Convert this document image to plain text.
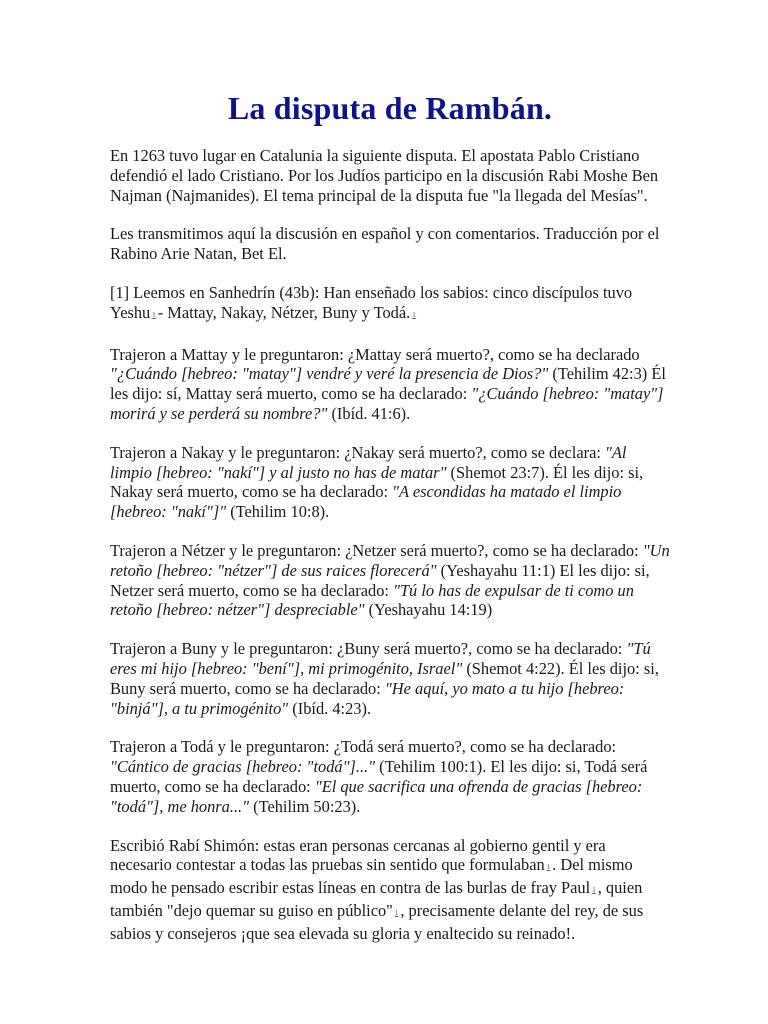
La disputa de Rambán.

En 1263 tuvo lugar en Catalunia la siguiente disputa. El apostata Pablo Cristiano defendió el lado Cristiano. Por los Judíos participo en la discusión Rabi Moshe Ben Najman (Najmanides). El tema principal de la disputa fue "la llegada del Mesías".

Les transmitimos aquí la discusión en español y con comentarios. Traducción por el Rabino Arie Natan, Bet El.

[1] Leemos en Sanhedrín (43b): Han enseñado los sabios: cinco discípulos tuvo Yeshu 1 - Mattay, Nakay, Nétzer, Buny y Todá. 1

Trajeron a Mattay y le preguntaron: ¿Mattay será muerto?, como se ha declarado "¿Cuándo [hebreo: "matay"] vendré y veré la presencia de Dios?" (Tehilim 42:3) Él les dijo: sí, Mattay será muerto, como se ha declarado: "¿Cuándo [hebreo: "matay"] morirá y se perderá su nombre?" (Ibíd. 41:6).

Trajeron a Nakay y le preguntaron: ¿Nakay será muerto?, como se declara: "Al limpio [hebreo: "nakí"] y al justo no has de matar" (Shemot 23:7). Él les dijo: si, Nakay será muerto, como se ha declarado: "A escondidas ha matado el limpio [hebreo: "nakí"]" (Tehilim 10:8).

Trajeron a Nétzer y le preguntaron: ¿Netzer será muerto?, como se ha declarado: "Un retoño [hebreo: "nétzer"] de sus raices florecerá" (Yeshayahu 11:1) El les dijo: si, Netzer será muerto, como se ha declarado: "Tú lo has de expulsar de ti como un retoño [hebreo: nétzer"] despreciable" (Yeshayahu 14:19)

Trajeron a Buny y le preguntaron: ¿Buny será muerto?, como se ha declarado: "Tú eres mi hijo [hebreo: "bení"], mi primogénito, Israel" (Shemot 4:22). Él les dijo: si, Buny será muerto, como se ha declarado: "He aquí, yo mato a tu hijo [hebreo: "binjá"], a tu primogénito" (Ibíd. 4:23).

Trajeron a Todá y le preguntaron: ¿Todá será muerto?, como se ha declarado: "Cántico de gracias [hebreo: "todá"]..." (Tehilim 100:1). El les dijo: si, Todá será muerto, como se ha declarado: "El que sacrifica una ofrenda de gracias [hebreo: "todá"], me honra..." (Tehilim 50:23).

Escribió Rabí Shimón: estas eran personas cercanas al gobierno gentil y era necesario contestar a todas las pruebas sin sentido que formulaban 1 . Del mismo modo he pensado escribir estas líneas en contra de las burlas de fray Paul 1 , quien también "dejo quemar su guiso en público" 1 , precisamente delante del rey, de sus sabios y consejeros ¡que sea elevada su gloria y enaltecido su reinado!.
